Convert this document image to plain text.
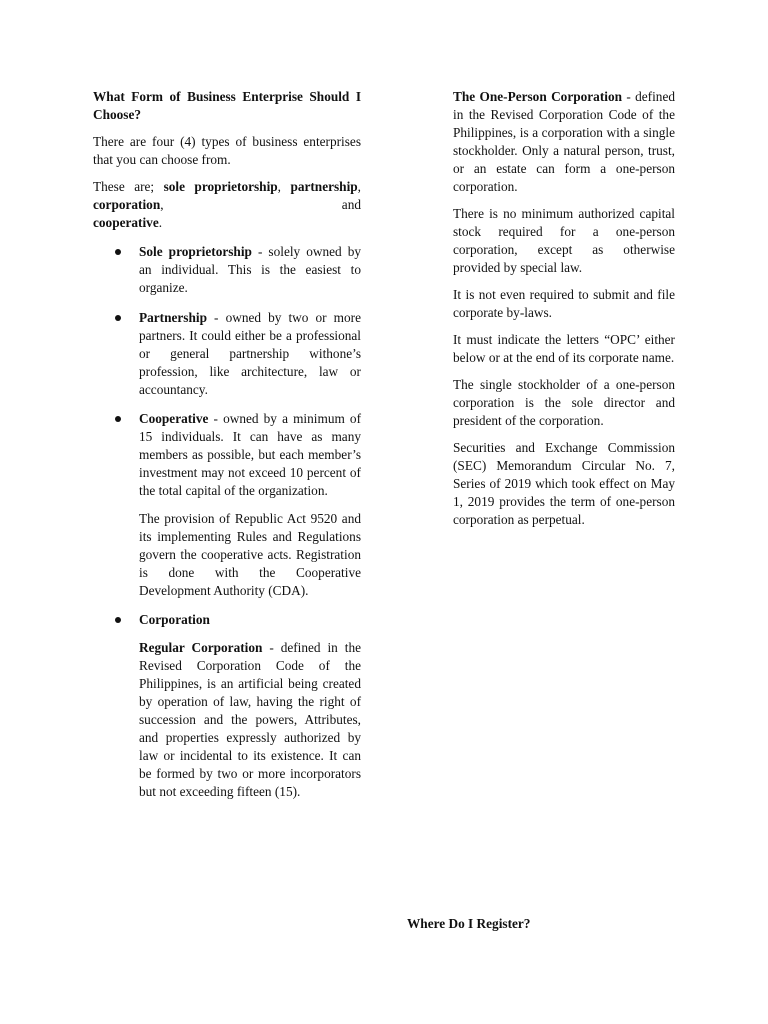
What Form of Business Enterprise Should I Choose?

There are four (4) types of business enterprises that you can choose from.

These are; sole proprietorship, partnership, corporation, and

cooperative.

Sole proprietorship - solely owned by an individual. This is the easiest to organize.

Partnership - owned by two or more partners. It could either be a professional or general partnership withone’s profession, like architecture, law or accountancy.

Cooperative - owned by a minimum of 15 individuals. It can have as many members as possible, but each member’s investment may not exceed 10 percent of the total capital of the organization.

The provision of Republic Act 9520 and its implementing Rules and Regulations govern the cooperative acts. Registration is done with the Cooperative Development Authority (CDA).

Corporation

Regular Corporation - defined in the Revised Corporation Code of the Philippines, is an artificial being created by operation of law, having the right of succession and the powers, Attributes, and properties expressly authorized by law or incidental to its existence. It can be formed by two or more incorporators but not exceeding fifteen (15).

The One-Person Corporation - defined in the Revised Corporation Code of the Philippines, is a corporation with a single stockholder. Only a natural person, trust, or an estate can form a one-person corporation.

There is no minimum authorized capital stock required for a one-person corporation, except as otherwise provided by special law.

It is not even required to submit and file corporate by-laws.

It must indicate the letters “OPC’ either below or at the end of its corporate name.

The single stockholder of a one-person corporation is the sole director and president of the corporation.

Securities and Exchange Commission (SEC) Memorandum Circular No. 7, Series of 2019 which took effect on May 1, 2019 provides the term of one-person corporation as perpetual.

Where Do I Register?
